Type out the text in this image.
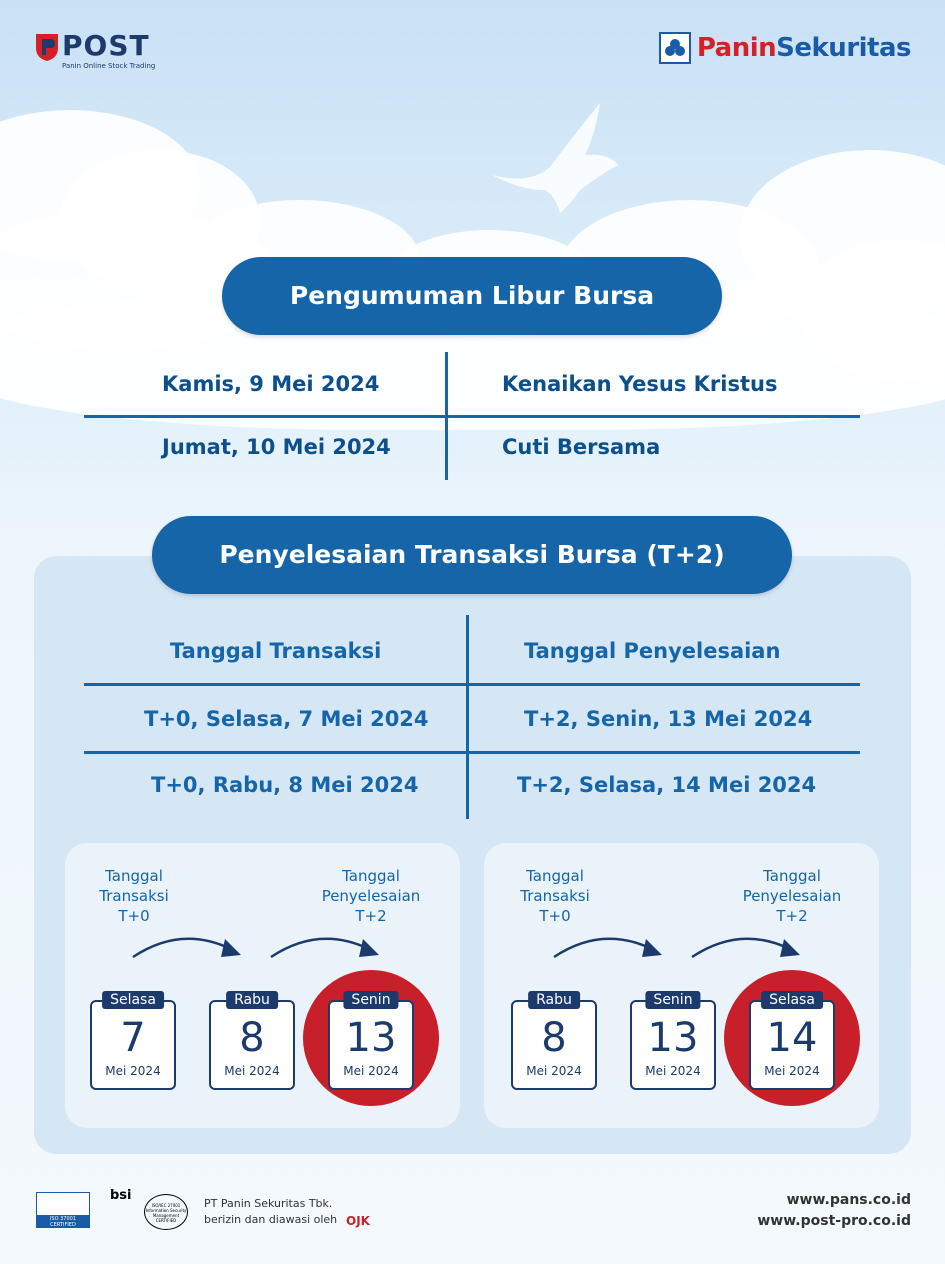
POST
Panin Online Stock Trading
PaninSekuritas
Pengumuman Libur Bursa
Kamis, 9 Mei 2024	Kenaikan Yesus Kristus
Jumat, 10 Mei 2024	Cuti Bersama
Penyelesaian Transaksi Bursa (T+2)
Tanggal Transaksi	Tanggal Penyelesaian
T+0, Selasa, 7 Mei 2024	T+2, Senin, 13 Mei 2024
T+0, Rabu, 8 Mei 2024	T+2, Selasa, 14 Mei 2024
Tanggal
Transaksi
T+0
Tanggal
Penyelesaian
T+2
Selasa
7
Mei 2024
Rabu
8
Mei 2024
Senin
13
Mei 2024
Tanggal
Transaksi
T+0
Tanggal
Penyelesaian
T+2
Rabu
8
Mei 2024
Senin
13
Mei 2024
Selasa
14
Mei 2024
ISO 37001 CERTIFIED
bsi
ISO/IEC 27001 Information Security Management CERTIFIED
PT Panin Sekuritas Tbk.
berizin dan diawasi oleh OJK
www.pans.co.id
www.post-pro.co.id
